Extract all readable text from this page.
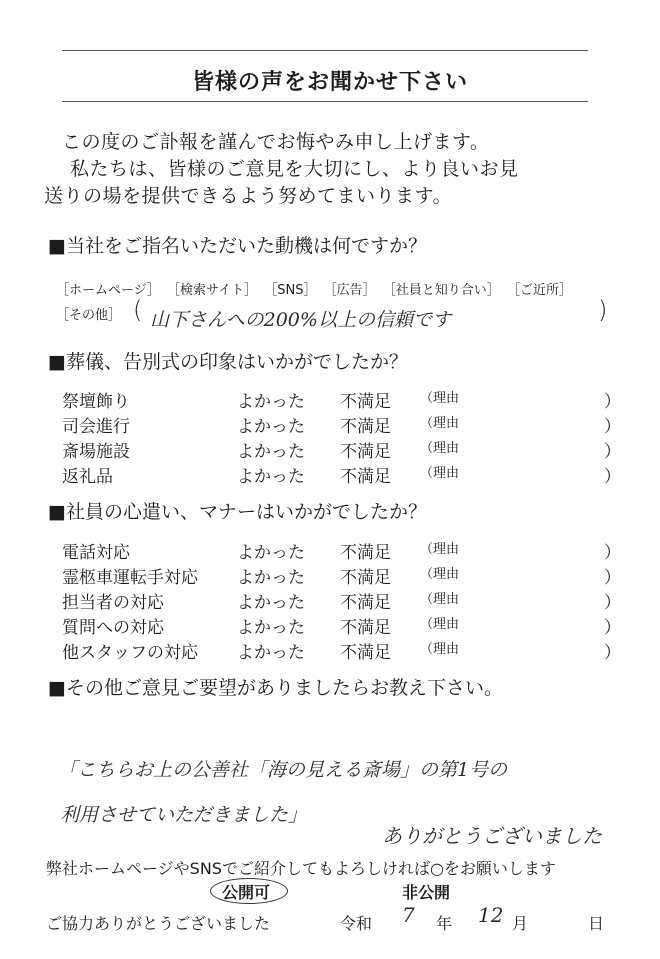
皆様の声をお聞かせ下さい
この度のご訃報を謹んでお悔やみ申し上げます。
私たちは、皆様のご意見を大切にし、より良いお見
送りの場を提供できるよう努めてまいります。
■当社をご指名いただいた動機は何ですか？
［ホームページ］ ［検索サイト］ ［SNS］ ［広告］ ［社員と知り合い］ ［ご近所］
［その他］ ( 山下さんへの200%以上の信頼です	)
■葬儀、告別式の印象はいかがでしたか？
祭壇飾り	よかった 不満足 （理由	）
司会進行	よかった 不満足 （理由	）
斎場施設	よかった 不満足 （理由	）
返礼品	よかった 不満足 （理由	）
■社員の心遣い、マナーはいかがでしたか？
電話対応	よかった 不満足 （理由	）
霊柩車運転手対応 よかった 不満足 （理由	）
担当者の対応	よかった 不満足 （理由	）
質問への対応	よかった 不満足 （理由	）
他スタッフの対応 よかった 不満足 （理由	）
■その他ご意見ご要望がありましたらお教え下さい。
「こちらお上の公善社「海の見える斎場」の第1号の
利用させていただきました」
ありがとうございました
弊社ホームページやSNSでご紹介してもよろしければ○をお願いします
公開可	非公開
ご協力ありがとうございました	令和 7 年 12 月	日
